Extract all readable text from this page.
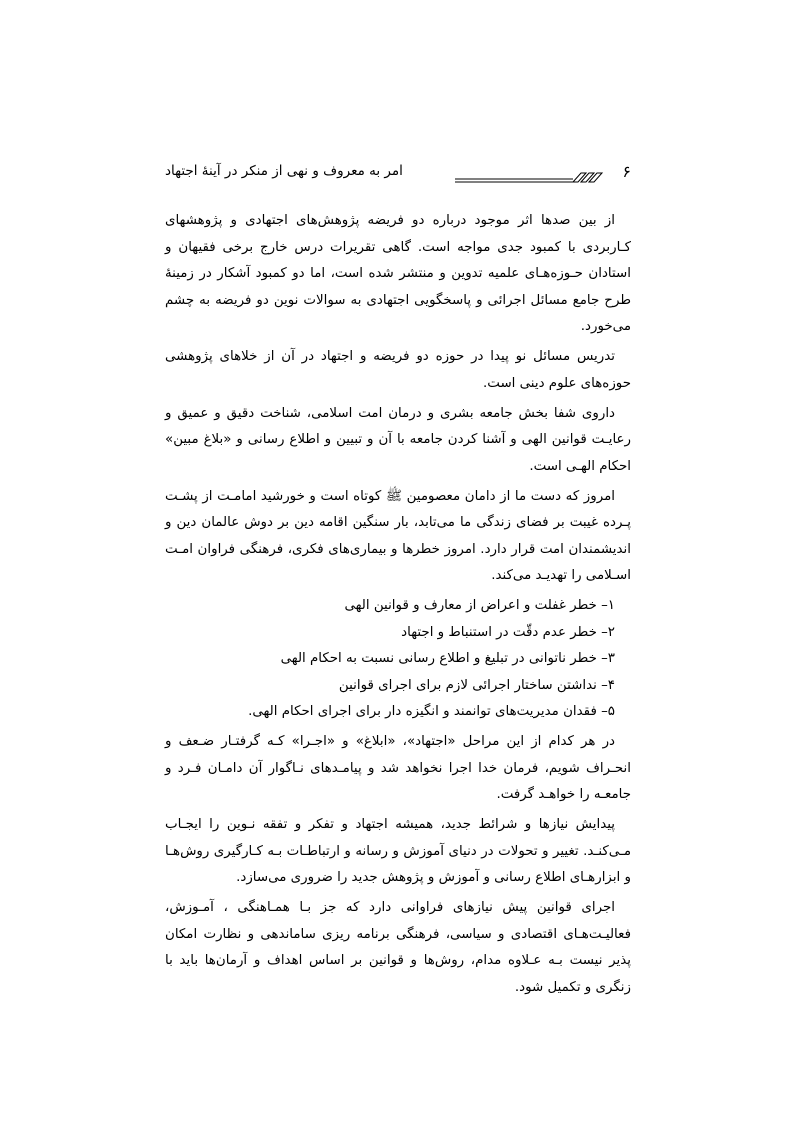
امر به معروف و نهی از منکر در آینۀ اجتهاد	۶

از بین صدها اثر موجود درباره دو فریضه پژوهش‌های اجتهادی و پژوهشهای کـاربردی با کمبود جدی مواجه است. گاهی تقریرات درس خارج برخی فقیهان و استادان حـوزه‌هـای علمیه تدوین و منتشر شده است، اما دو کمبود آشکار در زمینۀ طرح جامع مسائل اجرائی و پاسخگویی اجتهادی به سوالات نوین دو فریضه به چشم می‌خورد.

تدریس مسائل نو پیدا در حوزه دو فریضه و اجتهاد در آن از خلاهای پژوهشی حوزه‌های علوم دینی است.

داروی شفا بخش جامعه بشری و درمان امت اسلامی، شناخت دقیق و عمیق و رعایـت قوانین الهی و آشنا کردن جامعه با آن و تبیین و اطلاع رسانی و «بلاغ مبین» احکام الهـی است.

امروز که دست ما از دامان معصومین ﷺ کوتاه است و خورشید امامـت از پشـت پـرده غیبت بر فضای زندگی ما می‌تابد، بار سنگین اقامه دین بر دوش عالمان دین و اندیشمندان امت قرار دارد. امروز خطرها و بیماری‌های فکری، فرهنگی فراوان امـت اسـلامی را تهدیـد می‌کند.

۱– خطر غفلت و اعراض از معارف و قوانین الهی

۲– خطر عدم دقّت در استنباط و اجتهاد

۳– خطر ناتوانی در تبلیغ و اطلاع رسانی نسبت به احکام الهی

۴– نداشتن ساختار اجرائی لازم برای اجرای قوانین

۵– فقدان مدیریت‌های توانمند و انگیزه دار برای اجرای احکام الهی.

در هر کدام از این مراحل «اجتهاد»، «ابلاغ» و «اجـرا» کـه گرفتـار ضـعف و انحـراف شویم، فرمان خدا اجرا نخواهد شد و پیامـدهای نـاگوار آن دامـان فـرد و جامعـه را خواهـد گرفت.

پیدایش نیازها و شرائط جدید، همیشه اجتهاد و تفکر و تفقه نـوین را ایجـاب مـی‌کنـد. تغییر و تحولات در دنیای آموزش و رسانه و ارتباطـات بـه کـارگیری روش‌هـا و ابزارهـای اطلاع رسانی و آموزش و پژوهش جدید را ضروری می‌سازد.

اجرای قوانین پیش نیازهای فراوانی دارد که جز بـا همـاهنگی ، آمـوزش، فعالیـت‌هـای اقتصادی و سیاسی، فرهنگی برنامه ریزی ساماندهی و نظارت امکان پذیر نیست بـه عـلاوه مدام، روش‌ها و قوانین بر اساس اهداف و آرمان‌ها باید با زنگری و تکمیل شود.
